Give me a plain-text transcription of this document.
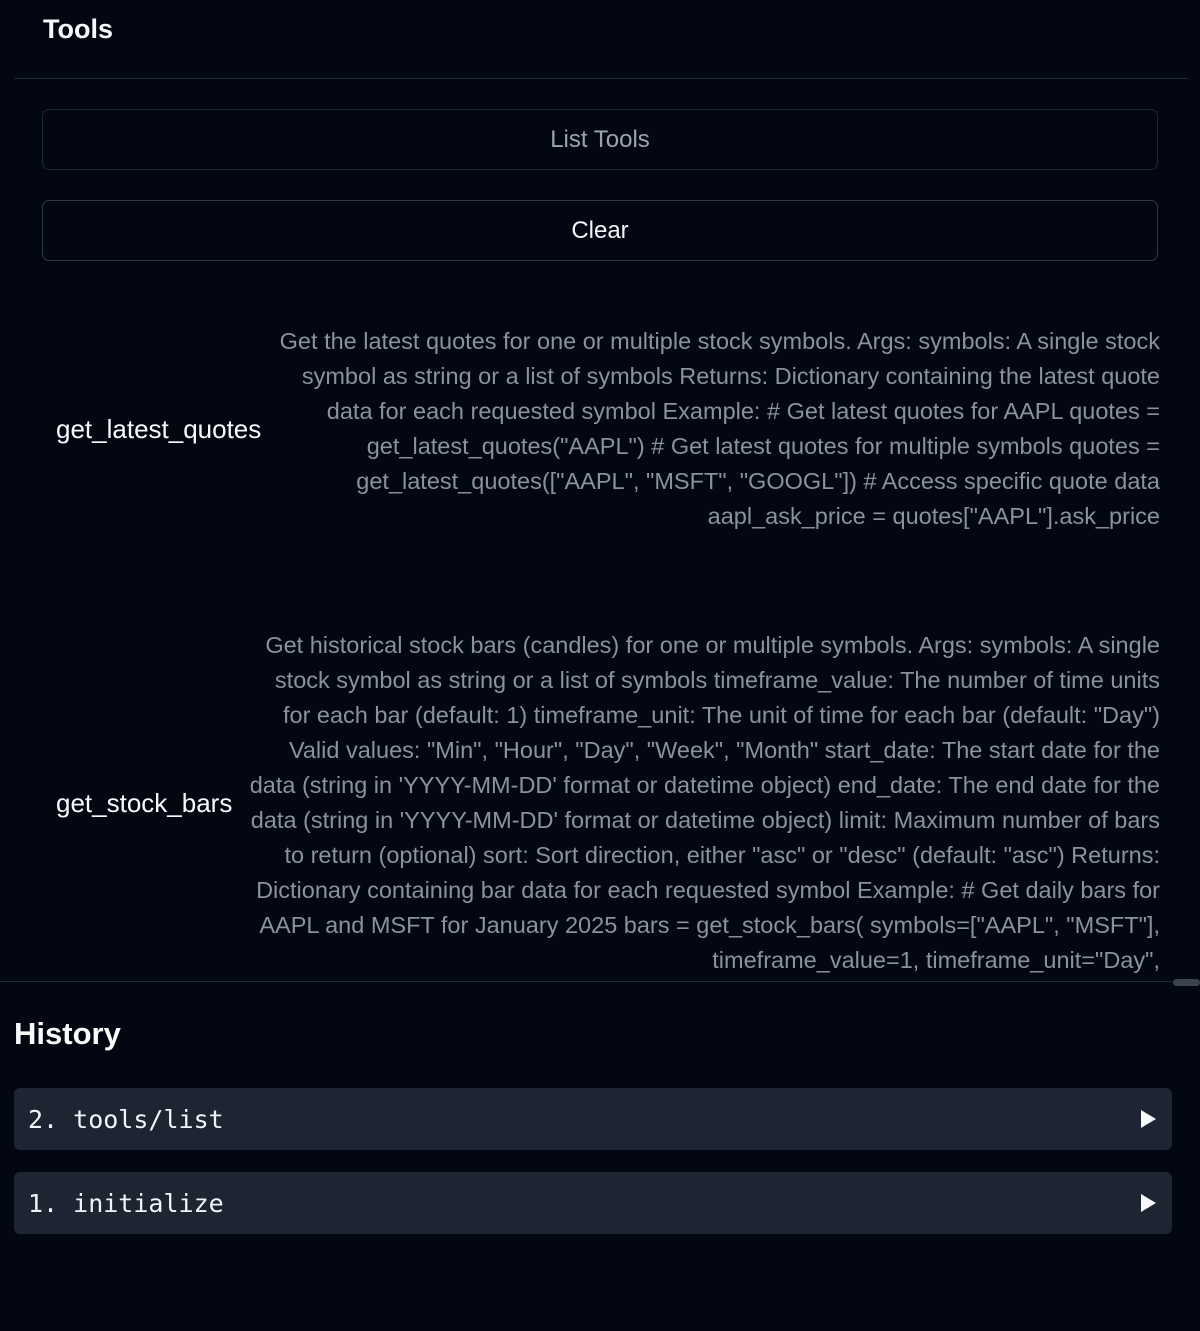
Tools
List Tools
Clear
get_latest_quotes
Get the latest quotes for one or multiple stock symbols. Args: symbols: A single stock symbol as string or a list of symbols Returns: Dictionary containing the latest quote data for each requested symbol Example: # Get latest quotes for AAPL quotes = get_latest_quotes("AAPL") # Get latest quotes for multiple symbols quotes = get_latest_quotes(["AAPL", "MSFT", "GOOGL"]) # Access specific quote data aapl_ask_price = quotes["AAPL"].ask_price
get_stock_bars
Get historical stock bars (candles) for one or multiple symbols. Args: symbols: A single stock symbol as string or a list of symbols timeframe_value: The number of time units for each bar (default: 1) timeframe_unit: The unit of time for each bar (default: "Day") Valid values: "Min", "Hour", "Day", "Week", "Month" start_date: The start date for the data (string in 'YYYY-MM-DD' format or datetime object) end_date: The end date for the data (string in 'YYYY-MM-DD' format or datetime object) limit: Maximum number of bars to return (optional) sort: Sort direction, either "asc" or "desc" (default: "asc") Returns: Dictionary containing bar data for each requested symbol Example: # Get daily bars for AAPL and MSFT for January 2025 bars = get_stock_bars( symbols=["AAPL", "MSFT"], timeframe_value=1, timeframe_unit="Day",
History
2. tools/list
1. initialize
